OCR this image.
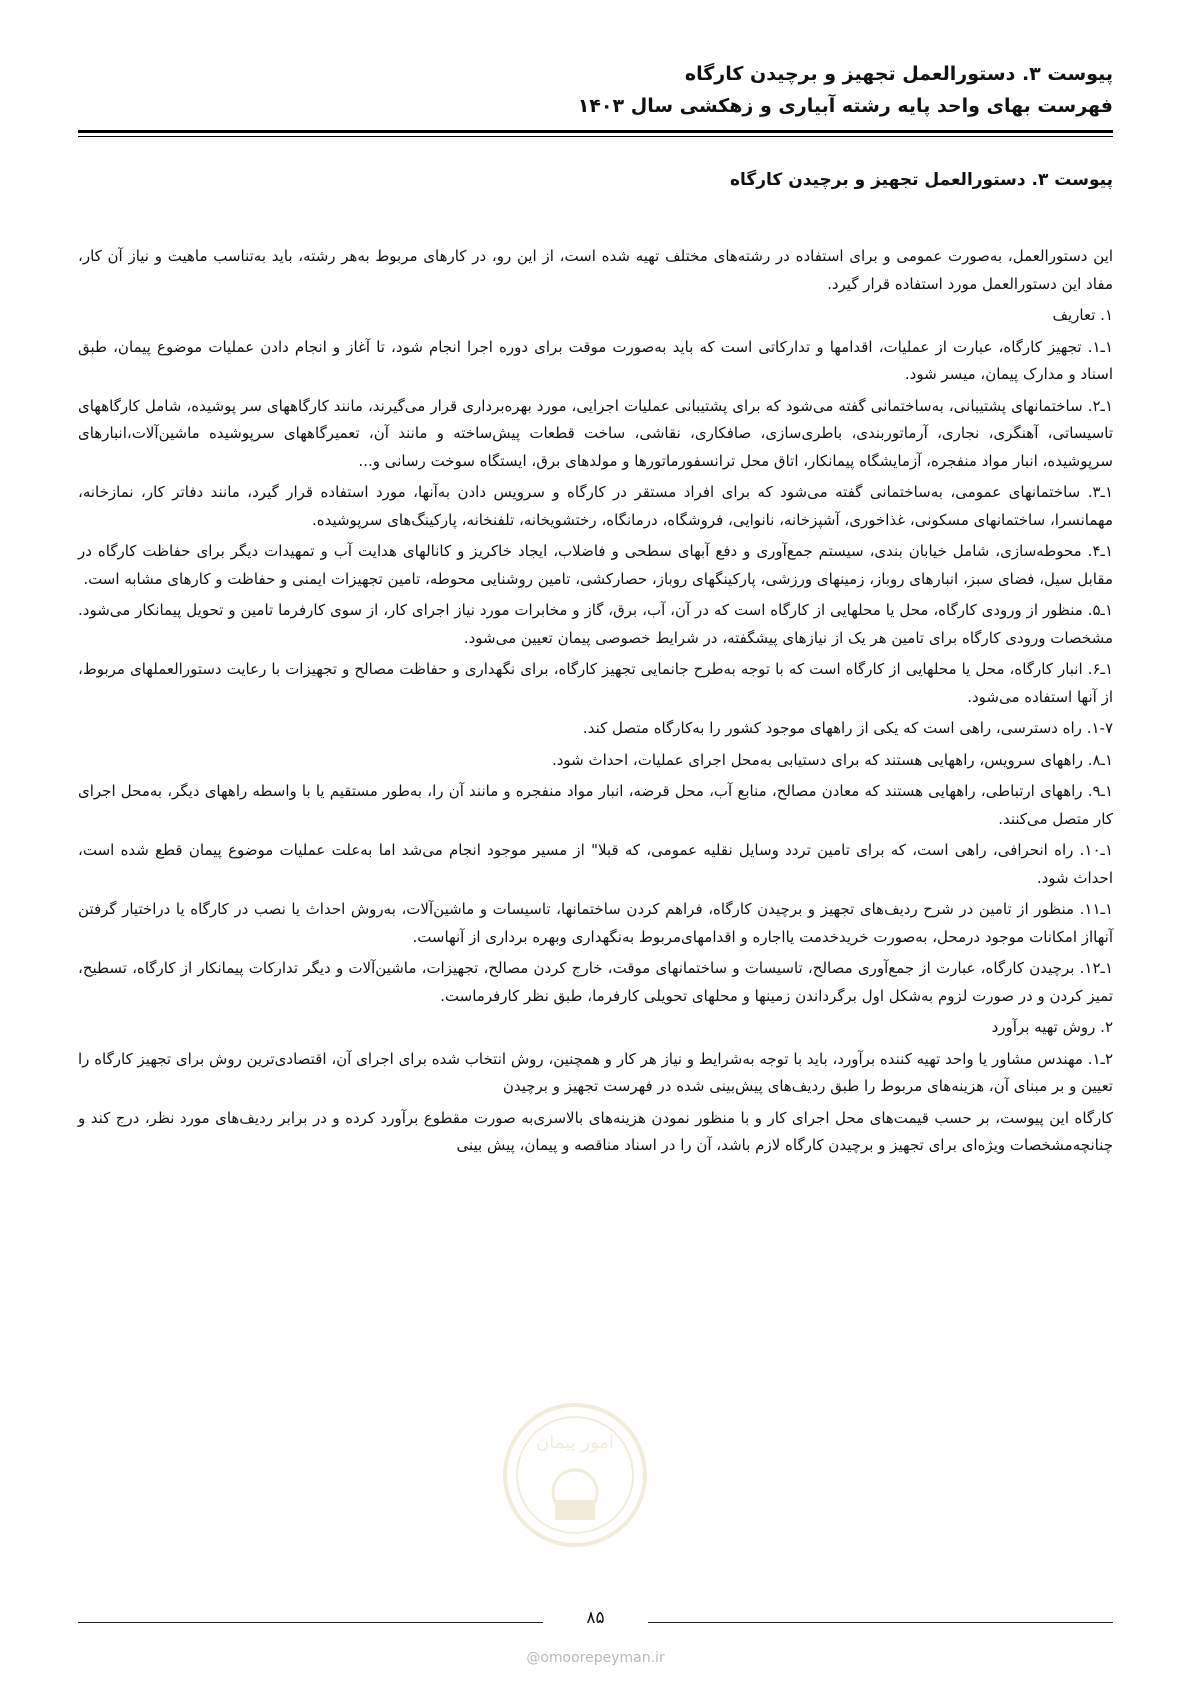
پیوست ۳. دستورالعمل تجهیز و برچیدن کارگاه
فهرست بهای واحد پایه رشته آبیاری و زهکشی سال ۱۴۰۳
پیوست ۳. دستورالعمل تجهیز و برچیدن کارگاه

این دستورالعمل، به‌صورت عمومی و برای استفاده در رشته‌های مختلف تهیه شده است، از این رو، در کارهای مربوط به‌هر رشته، باید به‌تناسب ماهیت و نیاز آن کار، مفاد این دستورالعمل مورد استفاده قرار گیرد.

۱. تعاریف

۱ـ۱. تجهیز کارگاه، عبارت از عملیات، اقدامها و تدارکاتی است که باید به‌صورت موقت برای دوره اجرا انجام شود، تا آغاز و انجام دادن عملیات موضوع پیمان، طبق اسناد و مدارک پیمان، میسر شود.

۱ـ۲. ساختمانهای پشتیبانی، به‌ساختمانی گفته می‌شود که برای پشتیبانی عملیات اجرایی، مورد بهره‌برداری قرار می‌گیرند، مانند کارگاههای سر پوشیده، شامل کارگاههای تاسیساتی، آهنگری، نجاری، آرماتوربندی، باطری‌سازی، صافکاری، نقاشی، ساخت قطعات پیش‌ساخته و مانند آن، تعمیرگاههای سرپوشیده ماشین‌آلات،انبارهای سرپوشیده، انبار مواد منفجره، آزمایشگاه پیمانکار، اتاق محل ترانسفورماتورها و مولدهای برق، ایستگاه سوخت رسانی و...

۱ـ۳. ساختمانهای عمومی، به‌ساختمانی گفته می‌شود که برای افراد مستقر در کارگاه و سرویس دادن به‌آنها، مورد استفاده قرار گیرد، مانند دفاتر کار، نمازخانه، مهمانسرا، ساختمانهای مسکونی، غذاخوری، آشپزخانه، نانوایی، فروشگاه، درمانگاه، رختشویخانه، تلفنخانه، پارکینگ‌های سرپوشیده.

۱ـ۴. محوطه‌سازی، شامل خیابان بندی، سیستم جمع‌آوری و دفع آبهای سطحی و فاضلاب، ایجاد خاکریز و کانالهای هدایت آب و تمهیدات دیگر برای حفاظت کارگاه در مقابل سیل، فضای سبز، انبارهای روباز، زمینهای ورزشی، پارکینگهای روباز، حصارکشی، تامین روشنایی محوطه، تامین تجهیزات ایمنی و حفاظت و کارهای مشابه است.

۱ـ۵. منظور از ورودی کارگاه، محل یا محلهایی از کارگاه است که در آن، آب، برق، گاز و مخابرات مورد نیاز اجرای کار، از سوی کارفرما تامین و تحویل پیمانکار می‌شود. مشخصات ورودی کارگاه برای تامین هر یک از نیازهای پیشگفته، در شرایط خصوصی پیمان تعیین می‌شود.

۱ـ۶. انبار کارگاه، محل یا محلهایی از کارگاه است که با توجه به‌طرح جانمایی تجهیز کارگاه، برای نگهداری و حفاظت مصالح و تجهیزات با رعایت دستورالعملهای مربوط، از آنها استفاده می‌شود.

۱-۷. راه دسترسی، راهی است که یکی از راههای موجود کشور را به‌کارگاه متصل کند.

۱ـ۸. راههای سرویس، راههایی هستند که برای دستیابی به‌محل اجرای عملیات، احداث شود.

۱ـ۹. راههای ارتباطی، راههایی هستند که معادن مصالح، منابع آب، محل قرضه، انبار مواد منفجره و مانند آن را، به‌طور مستقیم یا با واسطه راههای دیگر، به‌محل اجرای کار متصل می‌کنند.

۱ـ۱۰. راه انحرافی، راهی است، که برای تامین تردد وسایل نقلیه عمومی، که قبلا" از مسیر موجود انجام می‌شد اما به‌علت عملیات موضوع پیمان قطع شده است، احداث شود.

۱ـ۱۱. منظور از تامین در شرح ردیف‌های تجهیز و برچیدن کارگاه، فراهم کردن ساختمانها، تاسیسات و ماشین‌آلات، به‌روش احداث یا نصب در کارگاه یا دراختیار گرفتن آنهااز امکانات موجود درمحل، به‌صورت خریدخدمت یااجاره و اقدامهای‌مربوط به‌نگهداری وبهره برداری از آنهاست.

۱ـ۱۲. برچیدن کارگاه، عبارت از جمع‌آوری مصالح، تاسیسات و ساختمانهای موقت، خارج کردن مصالح، تجهیزات، ماشین‌آلات و دیگر تدارکات پیمانکار از کارگاه، تسطیح، تمیز کردن و در صورت لزوم به‌شکل اول برگرداندن زمینها و محلهای تحویلی کارفرما، طبق نظر کارفرماست.

۲. روش تهیه برآورد

۲ـ۱. مهندس مشاور یا واحد تهیه کننده برآورد، باید با توجه به‌شرایط و نیاز هر کار و همچنین، روش انتخاب شده برای اجرای آن، اقتصادی‌ترین روش برای تجهیز کارگاه را تعیین و بر مبنای آن، هزینه‌های مربوط را طبق ردیف‌های پیش‌بینی شده در فهرست تجهیز و برچیدن

کارگاه این پیوست، بر حسب قیمت‌های محل اجرای کار و با منظور نمودن هزینه‌های بالاسری‌به صورت مقطوع برآورد کرده و در برابر ردیف‌های مورد نظر، درج کند و چنانچه‌مشخصات ویژه‌ای برای تجهیز و برچیدن کارگاه لازم باشد، آن را در اسناد مناقصه و پیمان، پیش بینی

امور پیمان
۸۵
@omoorepeyman.ir
